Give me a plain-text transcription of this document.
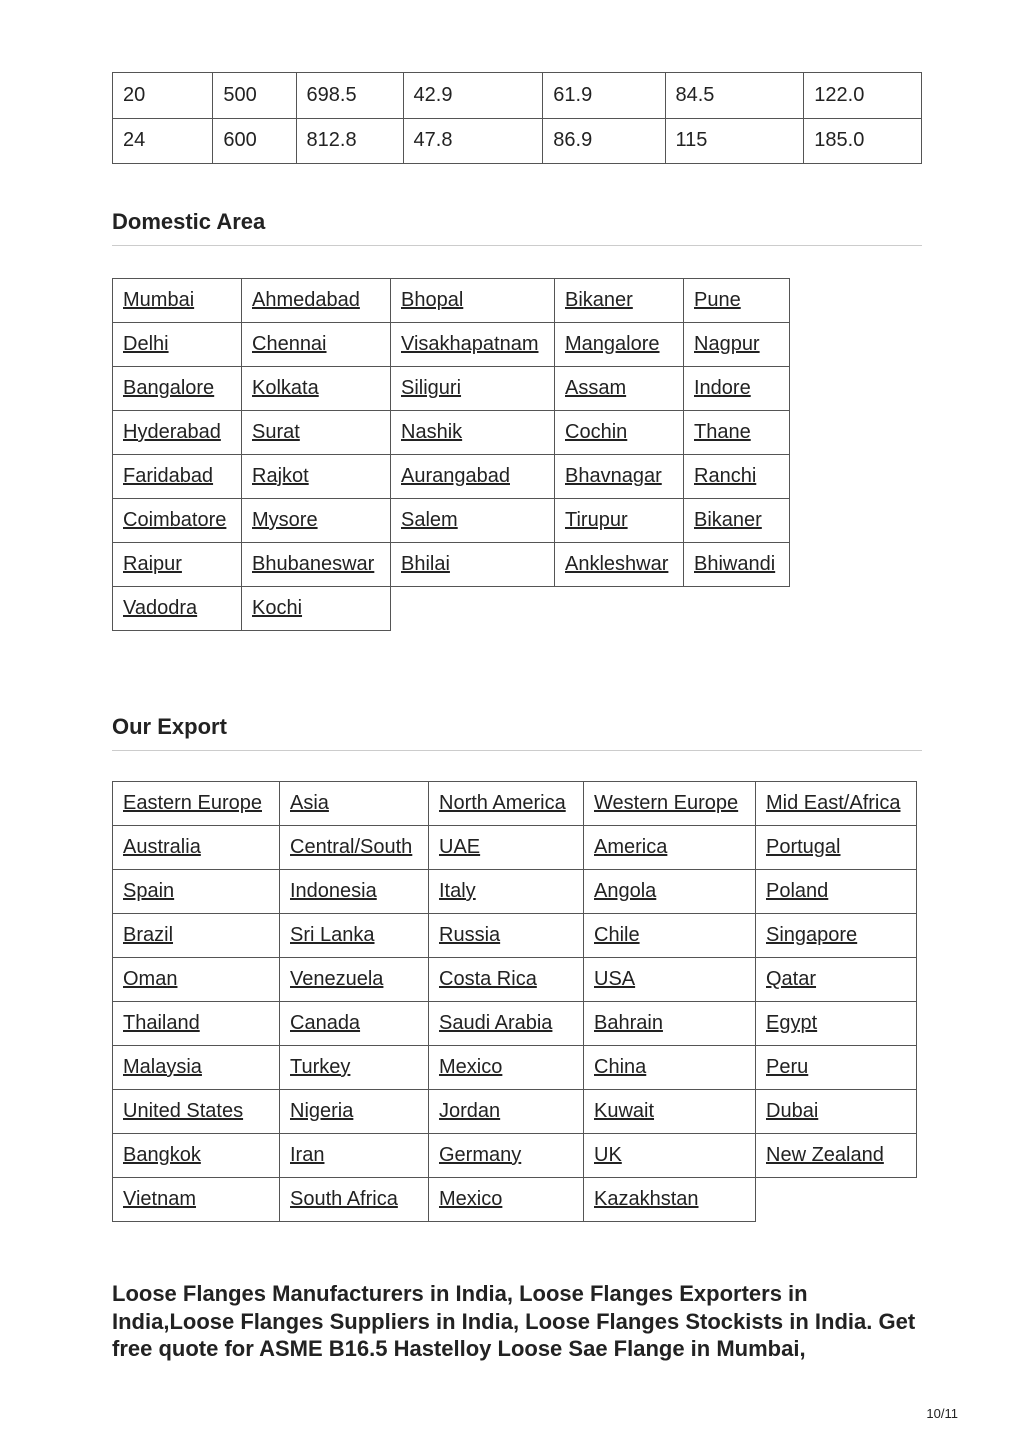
20	500	698.5	42.9	61.9	84.5	122.0
24	600	812.8	47.8	86.9	115	185.0
Domestic Area
Mumbai	Ahmedabad	Bhopal	Bikaner	Pune
Delhi	Chennai	Visakhapatnam	Mangalore	Nagpur
Bangalore	Kolkata	Siliguri	Assam	Indore
Hyderabad	Surat	Nashik	Cochin	Thane
Faridabad	Rajkot	Aurangabad	Bhavnagar	Ranchi
Coimbatore	Mysore	Salem	Tirupur	Bikaner
Raipur	Bhubaneswar	Bhilai	Ankleshwar	Bhiwandi
Vadodra	Kochi			
Our Export
Eastern Europe	Asia	North America	Western Europe	Mid East/Africa
Australia	Central/South	UAE	America	Portugal
Spain	Indonesia	Italy	Angola	Poland
Brazil	Sri Lanka	Russia	Chile	Singapore
Oman	Venezuela	Costa Rica	USA	Qatar
Thailand	Canada	Saudi Arabia	Bahrain	Egypt
Malaysia	Turkey	Mexico	China	Peru
United States	Nigeria	Jordan	Kuwait	Dubai
Bangkok	Iran	Germany	UK	New Zealand
Vietnam	South Africa	Mexico	Kazakhstan	
Loose Flanges Manufacturers in India, Loose Flanges Exporters in India,Loose Flanges Suppliers in India, Loose Flanges Stockists in India. Get free quote for ASME B16.5 Hastelloy Loose Sae Flange in Mumbai,
10/11
